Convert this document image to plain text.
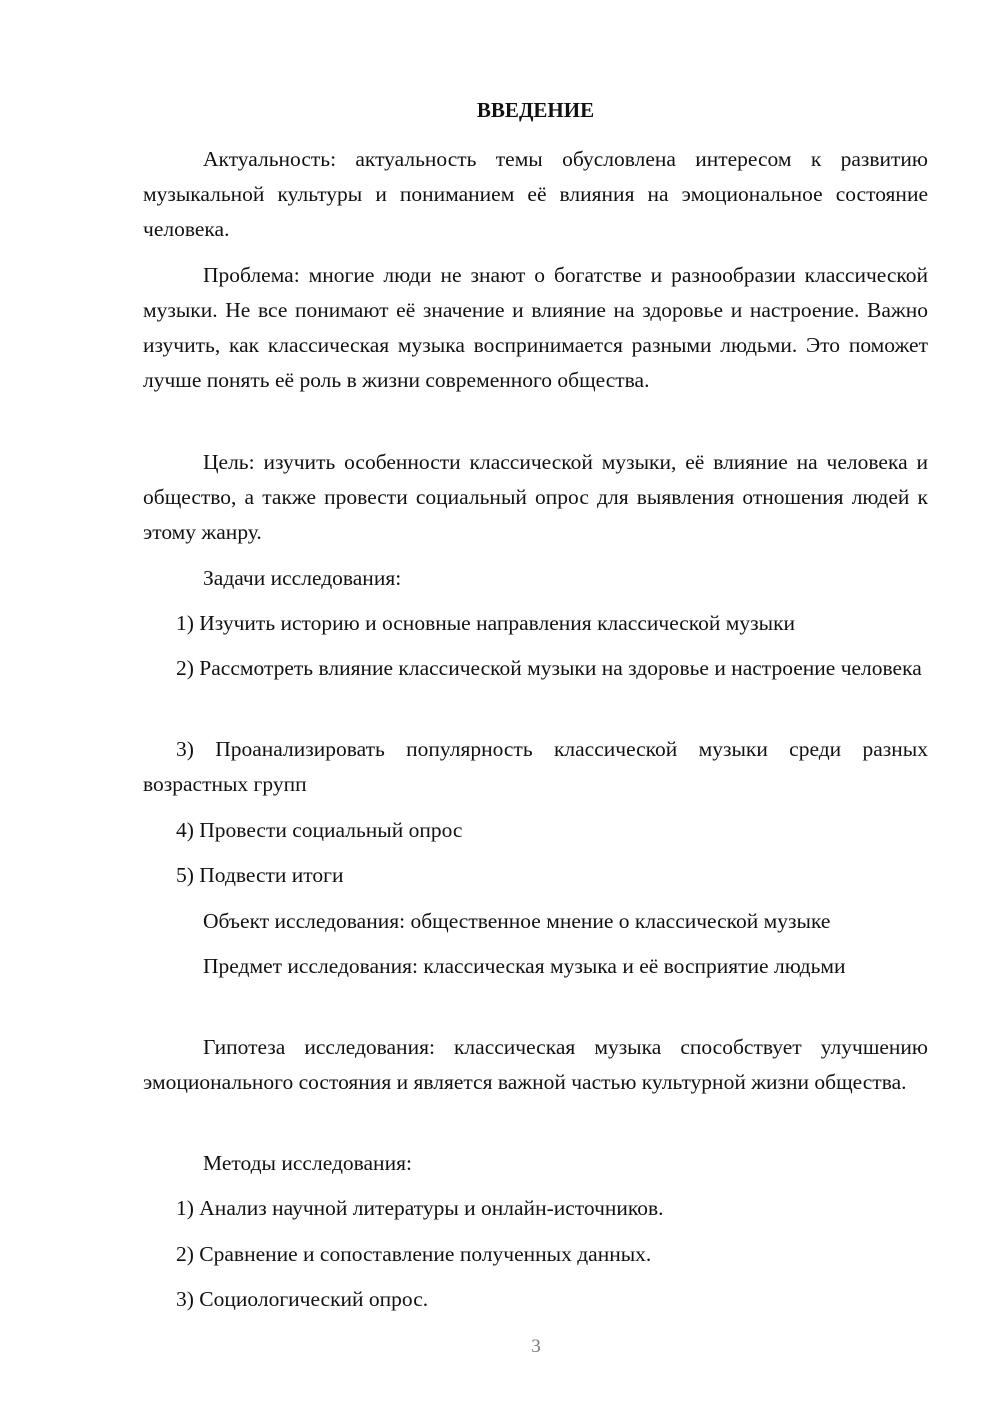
ВВЕДЕНИЕ

Актуальность: актуальность темы обусловлена интересом к развитию музыкальной культуры и пониманием её влияния на эмоциональное состояние человека.

Проблема: многие люди не знают о богатстве и разнообразии классической музыки. Не все понимают её значение и влияние на здоровье и настроение. Важно изучить, как классическая музыка воспринимается разными людьми. Это поможет лучше понять её роль в жизни современного общества.

Цель: изучить особенности классической музыки, её влияние на человека и общество, а также провести социальный опрос для выявления отношения людей к этому жанру.

Задачи исследования:

1) Изучить историю и основные направления классической музыки

2) Рассмотреть влияние классической музыки на здоровье и настроение человека

3) Проанализировать популярность классической музыки среди разных возрастных групп

4) Провести социальный опрос

5) Подвести итоги

Объект исследования: общественное мнение о классической музыке

Предмет исследования: классическая музыка и её восприятие людьми

Гипотеза исследования: классическая музыка способствует улучшению эмоционального состояния и является важной частью культурной жизни общества.

Методы исследования:

1) Анализ научной литературы и онлайн-источников.

2) Сравнение и сопоставление полученных данных.

3) Социологический опрос.

3
